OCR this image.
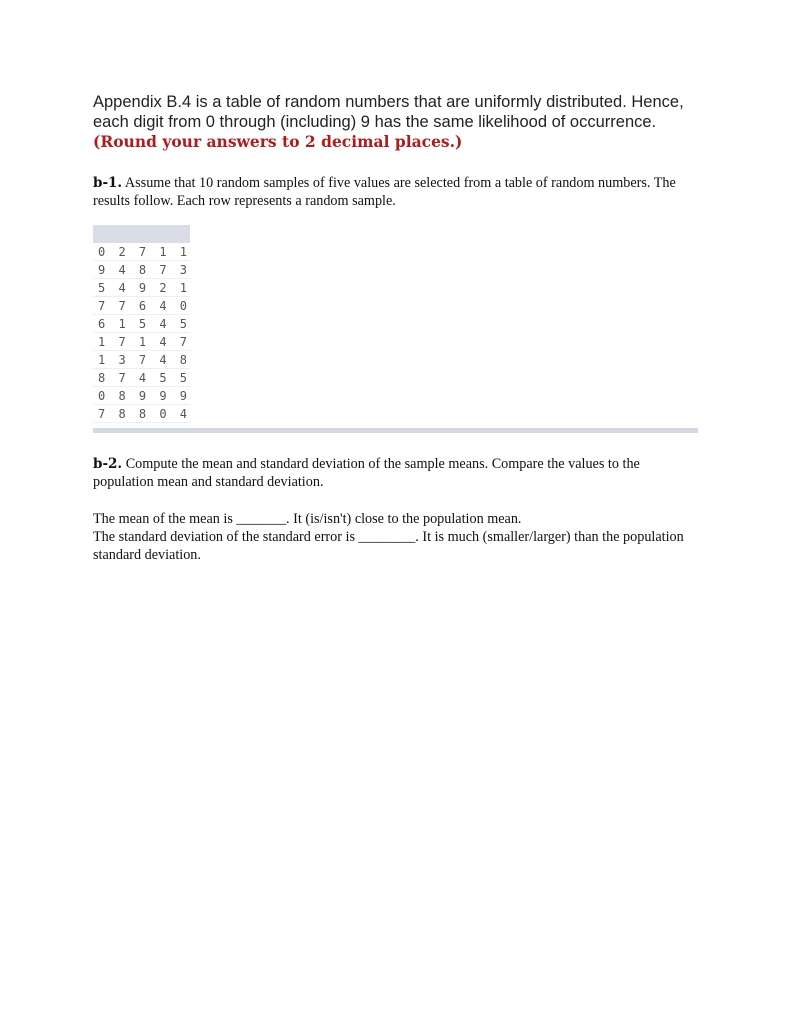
Appendix B.4 is a table of random numbers that are uniformly distributed. Hence, each digit from 0 through (including) 9 has the same likelihood of occurrence. (Round your answers to 2 decimal places.)
b-1. Assume that 10 random samples of five values are selected from a table of random numbers. The results follow. Each row represents a random sample.

0 2 7 1 1
9 4 8 7 3
5 4 9 2 1
7 7 6 4 0
6 1 5 4 5
1 7 1 4 7
1 3 7 4 8
8 7 4 5 5
0 8 9 9 9
7 8 8 0 4
b-2. Compute the mean and standard deviation of the sample means. Compare the values to the population mean and standard deviation.

The mean of the mean is _______. It (is/isn't) close to the population mean.

The standard deviation of the standard error is ________. It is much (smaller/larger) than the population standard deviation.
